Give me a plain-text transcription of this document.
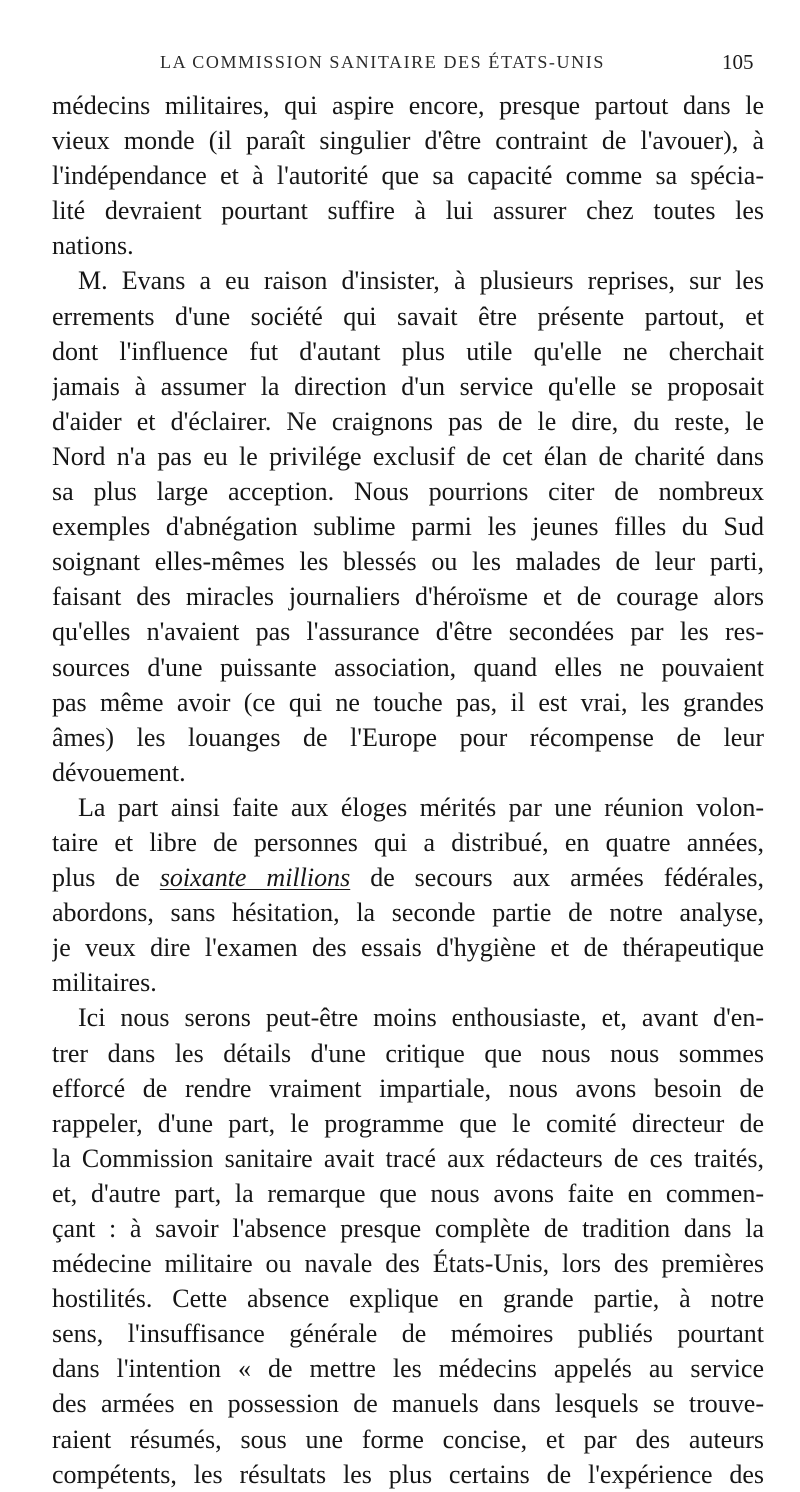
LA COMMISSION SANITAIRE DES ÉTATS-UNIS	105
médecins militaires, qui aspire encore, presque partout dans le
vieux monde (il paraît singulier d'être contraint de l'avouer), à
l'indépendance et à l'autorité que sa capacité comme sa spécia-
lité devraient pourtant suffire à lui assurer chez toutes les
nations.
M. Evans a eu raison d'insister, à plusieurs reprises, sur les
errements d'une société qui savait être présente partout, et
dont l'influence fut d'autant plus utile qu'elle ne cherchait
jamais à assumer la direction d'un service qu'elle se proposait
d'aider et d'éclairer. Ne craignons pas de le dire, du reste, le
Nord n'a pas eu le privilége exclusif de cet élan de charité dans
sa plus large acception. Nous pourrions citer de nombreux
exemples d'abnégation sublime parmi les jeunes filles du Sud
soignant elles-mêmes les blessés ou les malades de leur parti,
faisant des miracles journaliers d'héroïsme et de courage alors
qu'elles n'avaient pas l'assurance d'être secondées par les res-
sources d'une puissante association, quand elles ne pouvaient
pas même avoir (ce qui ne touche pas, il est vrai, les grandes
âmes) les louanges de l'Europe pour récompense de leur
dévouement.
La part ainsi faite aux éloges mérités par une réunion volon-
taire et libre de personnes qui a distribué, en quatre années,
plus de soixante millions de secours aux armées fédérales,
abordons, sans hésitation, la seconde partie de notre analyse,
je veux dire l'examen des essais d'hygiène et de thérapeutique
militaires.
Ici nous serons peut-être moins enthousiaste, et, avant d'en-
trer dans les détails d'une critique que nous nous sommes
efforcé de rendre vraiment impartiale, nous avons besoin de
rappeler, d'une part, le programme que le comité directeur de
la Commission sanitaire avait tracé aux rédacteurs de ces traités,
et, d'autre part, la remarque que nous avons faite en commen-
çant : à savoir l'absence presque complète de tradition dans la
médecine militaire ou navale des États-Unis, lors des premières
hostilités. Cette absence explique en grande partie, à notre
sens, l'insuffisance générale de mémoires publiés pourtant
dans l'intention « de mettre les médecins appelés au service
des armées en possession de manuels dans lesquels se trouve-
raient résumés, sous une forme concise, et par des auteurs
compétents, les résultats les plus certains de l'expérience des
